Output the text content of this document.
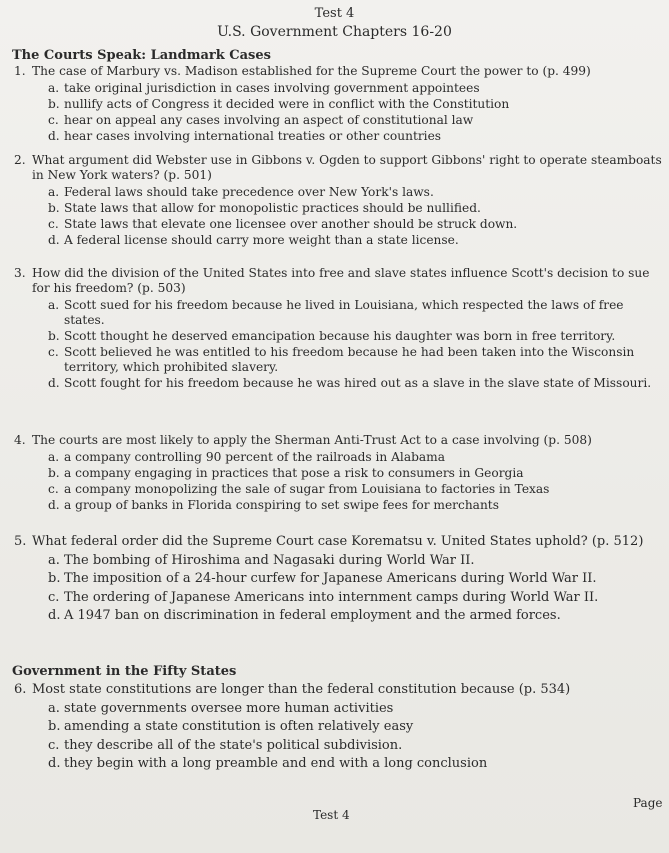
Test 4
U.S. Government Chapters 16-20
The Courts Speak: Landmark Cases
1. The case of Marbury vs. Madison established for the Supreme Court the power to (p. 499)
a. take original jurisdiction in cases involving government appointees
b. nullify acts of Congress it decided were in conflict with the Constitution
c. hear on appeal any cases involving an aspect of constitutional law
d. hear cases involving international treaties or other countries
2. What argument did Webster use in Gibbons v. Ogden to support Gibbons' right to operate steamboats in New York waters? (p. 501)
a. Federal laws should take precedence over New York's laws.
b. State laws that allow for monopolistic practices should be nullified.
c. State laws that elevate one licensee over another should be struck down.
d. A federal license should carry more weight than a state license.
3. How did the division of the United States into free and slave states influence Scott's decision to sue for his freedom? (p. 503)
a. Scott sued for his freedom because he lived in Louisiana, which respected the laws of free states.
b. Scott thought he deserved emancipation because his daughter was born in free territory.
c. Scott believed he was entitled to his freedom because he had been taken into the Wisconsin territory, which prohibited slavery.
d. Scott fought for his freedom because he was hired out as a slave in the slave state of Missouri.
4. The courts are most likely to apply the Sherman Anti-Trust Act to a case involving (p. 508)
a. a company controlling 90 percent of the railroads in Alabama
b. a company engaging in practices that pose a risk to consumers in Georgia
c. a company monopolizing the sale of sugar from Louisiana to factories in Texas
d. a group of banks in Florida conspiring to set swipe fees for merchants
5. What federal order did the Supreme Court case Korematsu v. United States uphold? (p. 512)
a. The bombing of Hiroshima and Nagasaki during World War II.
b. The imposition of a 24-hour curfew for Japanese Americans during World War II.
c. The ordering of Japanese Americans into internment camps during World War II.
d. A 1947 ban on discrimination in federal employment and the armed forces.
Government in the Fifty States
6. Most state constitutions are longer than the federal constitution because (p. 534)
a. state governments oversee more human activities
b. amending a state constitution is often relatively easy
c. they describe all of the state's political subdivision.
d. they begin with a long preamble and end with a long conclusion
Test 4
Page
